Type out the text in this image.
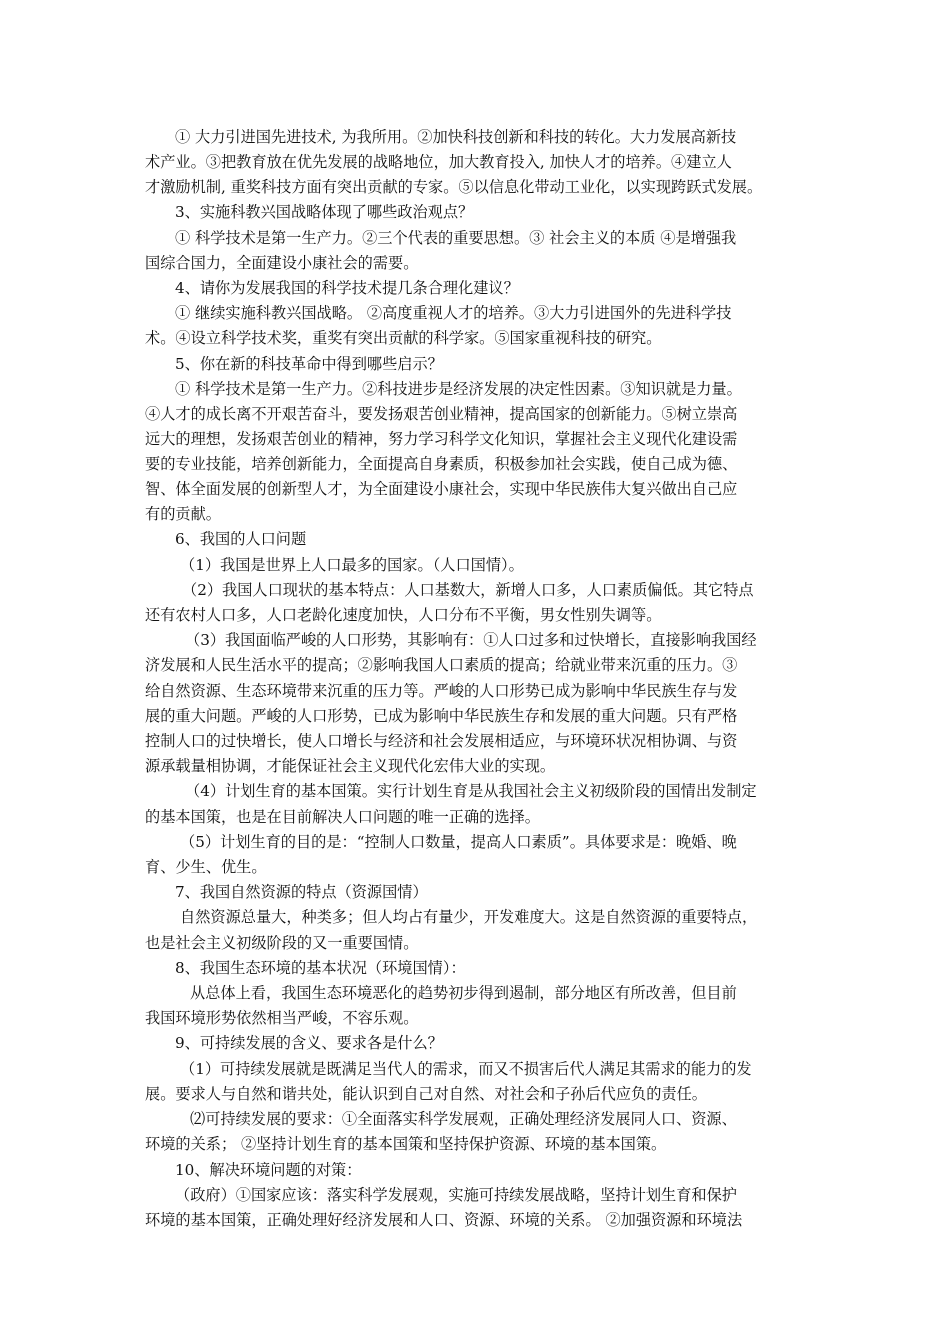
① 大力引进国先进技术, 为我所用。②加快科技创新和科技的转化。大力发展高新技
术产业。③把教育放在优先发展的战略地位，加大教育投入, 加快人才的培养。④建立人
才激励机制, 重奖科技方面有突出贡献的专家。⑤以信息化带动工业化，以实现跨跃式发展。
3、实施科教兴国战略体现了哪些政治观点？
① 科学技术是第一生产力。②三个代表的重要思想。③ 社会主义的本质 ④是增强我
国综合国力，全面建设小康社会的需要。
4、请你为发展我国的科学技术提几条合理化建议？
① 继续实施科教兴国战略。 ②高度重视人才的培养。③大力引进国外的先进科学技
术。④设立科学技术奖，重奖有突出贡献的科学家。⑤国家重视科技的研究。
5、你在新的科技革命中得到哪些启示？
① 科学技术是第一生产力。②科技进步是经济发展的决定性因素。③知识就是力量。
④人才的成长离不开艰苦奋斗，要发扬艰苦创业精神，提高国家的创新能力。⑤树立崇高
远大的理想，发扬艰苦创业的精神，努力学习科学文化知识，掌握社会主义现代化建设需
要的专业技能，培养创新能力，全面提高自身素质，积极参加社会实践，使自己成为德、
智、体全面发展的创新型人才，为全面建设小康社会，实现中华民族伟大复兴做出自己应
有的贡献。
6、我国的人口问题
（1）我国是世界上人口最多的国家。（人口国情）。
（2）我国人口现状的基本特点：人口基数大，新增人口多，人口素质偏低。其它特点
还有农村人口多，人口老龄化速度加快，人口分布不平衡，男女性别失调等。
（3）我国面临严峻的人口形势，其影响有：①人口过多和过快增长，直接影响我国经
济发展和人民生活水平的提高；②影响我国人口素质的提高；给就业带来沉重的压力。③
给自然资源、生态环境带来沉重的压力等。严峻的人口形势已成为影响中华民族生存与发
展的重大问题。严峻的人口形势，已成为影响中华民族生存和发展的重大问题。只有严格
控制人口的过快增长，使人口增长与经济和社会发展相适应，与环境环状况相协调、与资
源承载量相协调，才能保证社会主义现代化宏伟大业的实现。
（4）计划生育的基本国策。实行计划生育是从我国社会主义初级阶段的国情出发制定
的基本国策，也是在目前解决人口问题的唯一正确的选择。
（5）计划生育的目的是：“控制人口数量，提高人口素质”。具体要求是：晚婚、晚
育、少生、优生。
7、我国自然资源的特点（资源国情）
自然资源总量大，种类多；但人均占有量少，开发难度大。这是自然资源的重要特点，
也是社会主义初级阶段的又一重要国情。
8、我国生态环境的基本状况（环境国情）：
从总体上看，我国生态环境恶化的趋势初步得到遏制，部分地区有所改善，但目前
我国环境形势依然相当严峻，不容乐观。
9、可持续发展的含义、要求各是什么？
（1）可持续发展就是既满足当代人的需求，而又不损害后代人满足其需求的能力的发
展。要求人与自然和谐共处，能认识到自己对自然、对社会和子孙后代应负的责任。
⑵可持续发展的要求：①全面落实科学发展观，正确处理经济发展同人口、资源、
环境的关系； ②坚持计划生育的基本国策和坚持保护资源、环境的基本国策。
10、解决环境问题的对策：
（政府）①国家应该：落实科学发展观，实施可持续发展战略，坚持计划生育和保护
环境的基本国策，正确处理好经济发展和人口、资源、环境的关系。 ②加强资源和环境法
